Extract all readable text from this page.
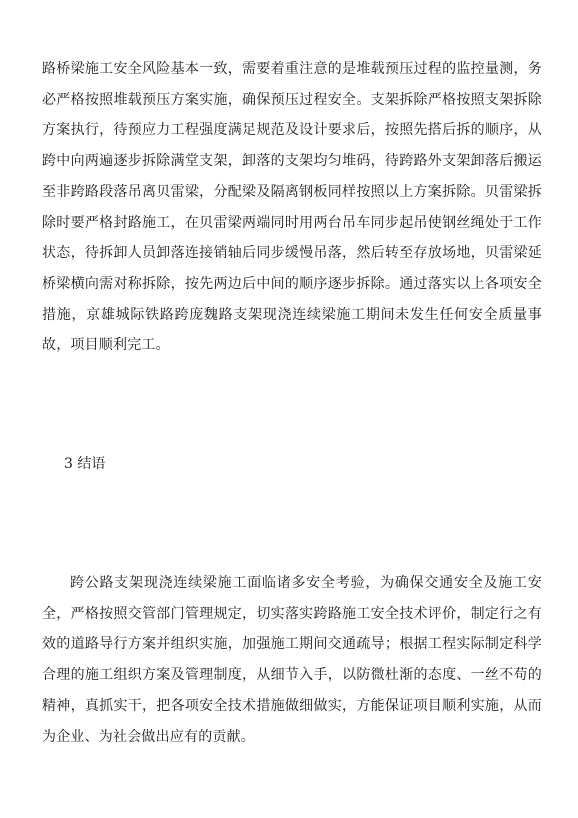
路桥梁施工安全风险基本一致，需要着重注意的是堆载预压过程的监控量测，务必严格按照堆载预压方案实施，确保预压过程安全。支架拆除严格按照支架拆除方案执行，待预应力工程强度满足规范及设计要求后，按照先搭后拆的顺序，从跨中向两遍逐步拆除满堂支架，卸落的支架均匀堆码，待跨路外支架卸落后搬运至非跨路段落吊离贝雷梁，分配梁及隔离钢板同样按照以上方案拆除。贝雷梁拆除时要严格封路施工，在贝雷梁两端同时用两台吊车同步起吊使钢丝绳处于工作状态，待拆卸人员卸落连接销轴后同步缓慢吊落，然后转至存放场地，贝雷梁延桥梁横向需对称拆除，按先两边后中间的顺序逐步拆除。通过落实以上各项安全措施，京雄城际铁路跨庞魏路支架现浇连续梁施工期间未发生任何安全质量事故，项目顺利完工。

3 结语

跨公路支架现浇连续梁施工面临诸多安全考验，为确保交通安全及施工安全，严格按照交管部门管理规定，切实落实跨路施工安全技术评价，制定行之有效的道路导行方案并组织实施，加强施工期间交通疏导；根据工程实际制定科学合理的施工组织方案及管理制度，从细节入手，以防微杜渐的态度、一丝不苟的精神，真抓实干，把各项安全技术措施做细做实，方能保证项目顺利实施，从而为企业、为社会做出应有的贡献。
